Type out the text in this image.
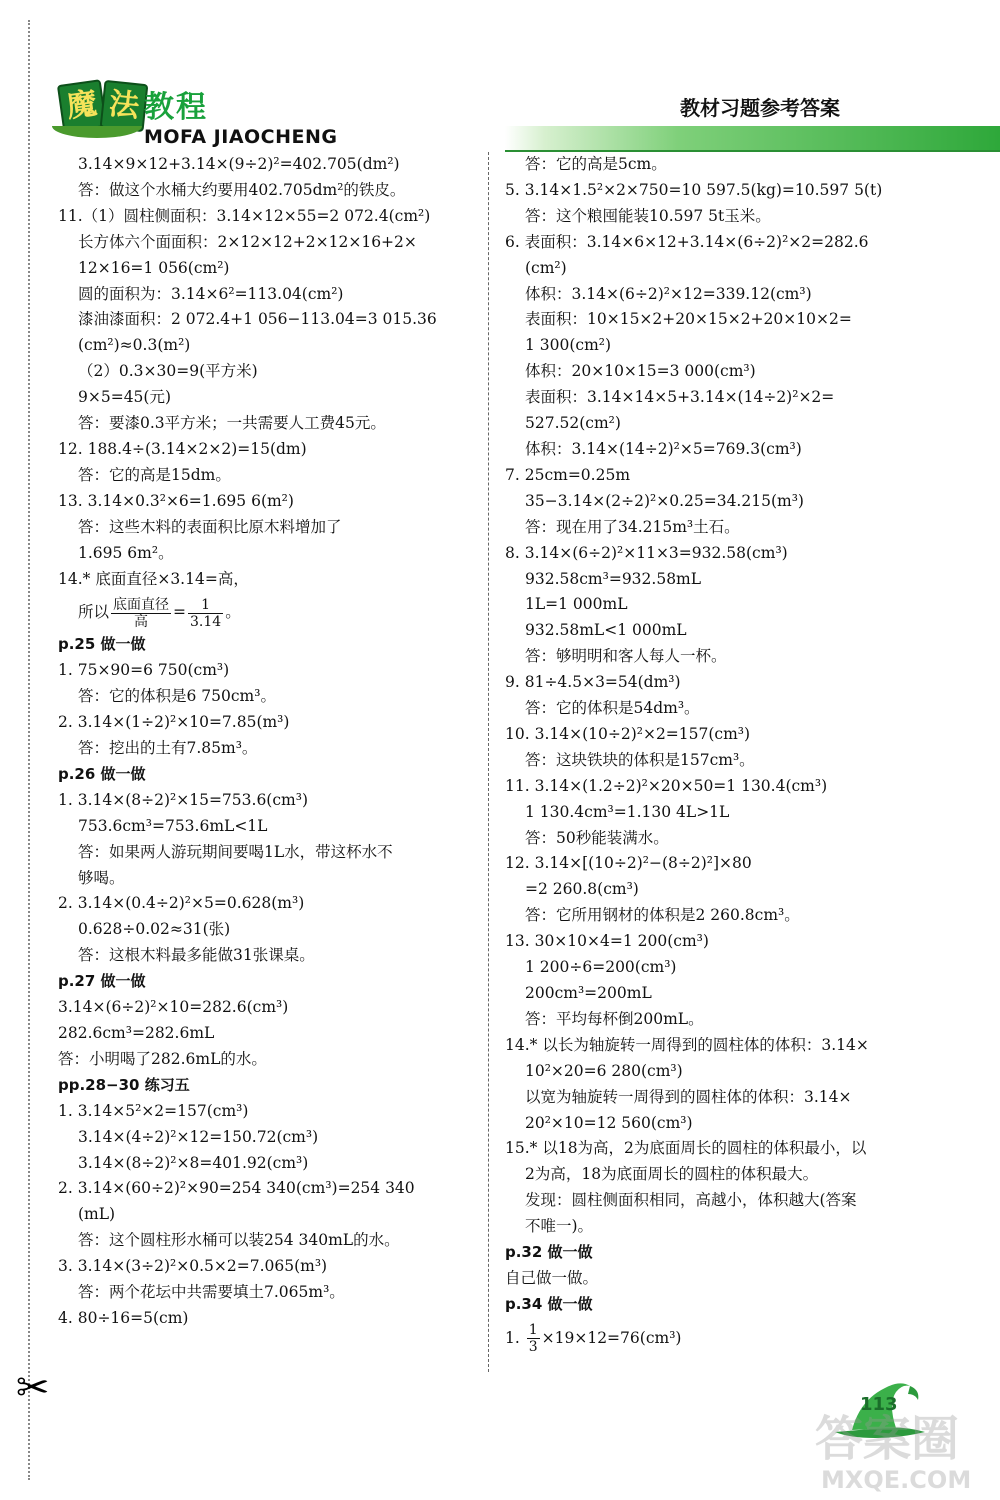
✂
魔 法 教程
MOFA JIAOCHENG
教材习题参考答案
3.14×9×12+3.14×(9÷2)²=402.705(dm²)
答：做这个水桶大约要用402.705dm²的铁皮。
11.（1）圆柱侧面积：3.14×12×55=2 072.4(cm²)
长方体六个面面积：2×12×12+2×12×16+2×
12×16=1 056(cm²)
圆的面积为：3.14×6²=113.04(cm²)
漆油漆面积：2 072.4+1 056−113.04=3 015.36
(cm²)≈0.3(m²)
（2）0.3×30=9(平方米)
9×5=45(元)
答：要漆0.3平方米；一共需要人工费45元。
12. 188.4÷(3.14×2×2)=15(dm)
答：它的高是15dm。
13. 3.14×0.3²×6=1.695 6(m²)
答：这些木料的表面积比原木料增加了
1.695 6m²。
14.* 底面直径×3.14=高，
所以 $\frac{\text{底面直径}}{\text{高}} = \frac{1}{3.14}$ 。
p.25 做一做
1. 75×90=6 750(cm³)
答：它的体积是6 750cm³。
2. 3.14×(1÷2)²×10=7.85(m³)
答：挖出的土有7.85m³。
p.26 做一做
1. 3.14×(8÷2)²×15=753.6(cm³)
753.6cm³=753.6mL<1L
答：如果两人游玩期间要喝1L水，带这杯水不
够喝。
2. 3.14×(0.4÷2)²×5=0.628(m³)
0.628÷0.02≈31(张)
答：这根木料最多能做31张课桌。
p.27 做一做
3.14×(6÷2)²×10=282.6(cm³)
282.6cm³=282.6mL
答：小明喝了282.6mL的水。
pp.28−30 练习五
1. 3.14×5²×2=157(cm³)
3.14×(4÷2)²×12=150.72(cm³)
3.14×(8÷2)²×8=401.92(cm³)
2. 3.14×(60÷2)²×90=254 340(cm³)=254 340
(mL)
答：这个圆柱形水桶可以装254 340mL的水。
3. 3.14×(3÷2)²×0.5×2=7.065(m³)
答：两个花坛中共需要填土7.065m³。
4. 80÷16=5(cm)
答：它的高是5cm。
5. 3.14×1.5²×2×750=10 597.5(kg)=10.597 5(t)
答：这个粮囤能装10.597 5t玉米。
6. 表面积：3.14×6×12+3.14×(6÷2)²×2=282.6
(cm²)
体积：3.14×(6÷2)²×12=339.12(cm³)
表面积：10×15×2+20×15×2+20×10×2=
1 300(cm²)
体积：20×10×15=3 000(cm³)
表面积：3.14×14×5+3.14×(14÷2)²×2=
527.52(cm²)
体积：3.14×(14÷2)²×5=769.3(cm³)
7. 25cm=0.25m
35−3.14×(2÷2)²×0.25=34.215(m³)
答：现在用了34.215m³土石。
8. 3.14×(6÷2)²×11×3=932.58(cm³)
932.58cm³=932.58mL
1L=1 000mL
932.58mL<1 000mL
答：够明明和客人每人一杯。
9. 81÷4.5×3=54(dm³)
答：它的体积是54dm³。
10. 3.14×(10÷2)²×2=157(cm³)
答：这块铁块的体积是157cm³。
11. 3.14×(1.2÷2)²×20×50=1 130.4(cm³)
1 130.4cm³=1.130 4L>1L
答：50秒能装满水。
12. 3.14×[(10÷2)²−(8÷2)²]×80
=2 260.8(cm³)
答：它所用钢材的体积是2 260.8cm³。
13. 30×10×4=1 200(cm³)
1 200÷6=200(cm³)
200cm³=200mL
答：平均每杯倒200mL。
14.* 以长为轴旋转一周得到的圆柱体的体积：3.14×
10²×20=6 280(cm³)
以宽为轴旋转一周得到的圆柱体的体积：3.14×
20²×10=12 560(cm³)
15.* 以18为高，2为底面周长的圆柱的体积最小，以
2为高，18为底面周长的圆柱的体积最大。
发现：圆柱侧面积相同，高越小，体积越大(答案
不唯一)。
p.32 做一做
自己做一做。
p.34 做一做
1. $\frac{1}{3} \times 19\times 12=76(cm^3)$
113
答案圈
MXQE.COM
